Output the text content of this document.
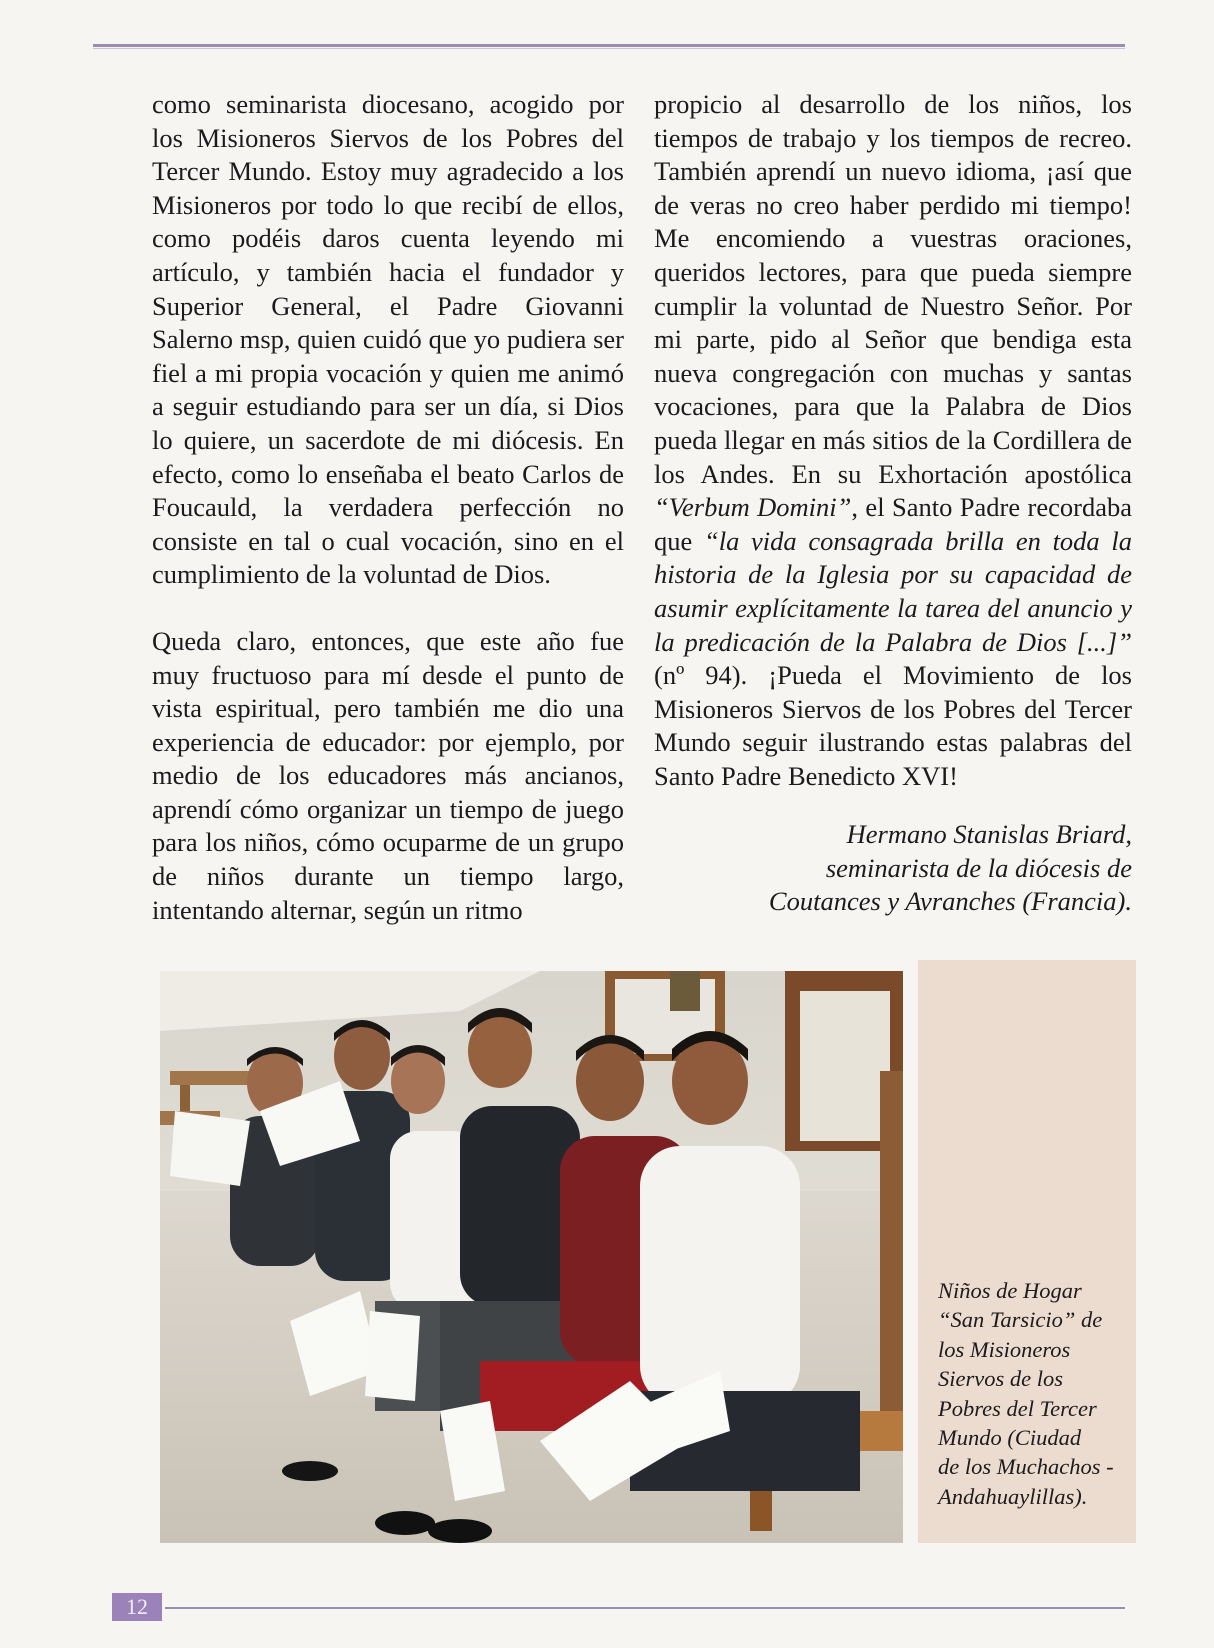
como seminarista diocesano, acogido por los Misioneros Siervos de los Pobres del Tercer Mundo. Estoy muy agradecido a los Misioneros por todo lo que recibí de ellos, como podéis daros cuenta leyendo mi artículo, y también hacia el fundador y Superior General, el Padre Giovanni Salerno msp, quien cuidó que yo pudiera ser fiel a mi propia vocación y quien me animó a seguir estudiando para ser un día, si Dios lo quiere, un sacerdote de mi diócesis. En efecto, como lo enseñaba el beato Carlos de Foucauld, la verdadera perfección no consiste en tal o cual vocación, sino en el cumplimiento de la voluntad de Dios.

Queda claro, entonces, que este año fue muy fructuoso para mí desde el punto de vista espiritual, pero también me dio una experiencia de educador: por ejemplo, por medio de los educadores más ancianos, aprendí cómo organizar un tiempo de juego para los niños, cómo ocuparme de un grupo de niños durante un tiempo largo, intentando alternar, según un ritmo

propicio al desarrollo de los niños, los tiempos de trabajo y los tiempos de recreo. También aprendí un nuevo idioma, ¡así que de veras no creo haber perdido mi tiempo! Me encomiendo a vuestras oraciones, queridos lectores, para que pueda siempre cumplir la voluntad de Nuestro Señor. Por mi parte, pido al Señor que bendiga esta nueva congregación con muchas y santas vocaciones, para que la Palabra de Dios pueda llegar en más sitios de la Cordillera de los Andes. En su Exhortación apostólica “Verbum Domini”, el Santo Padre recordaba que “la vida consagrada brilla en toda la historia de la Iglesia por su capacidad de asumir explícitamente la tarea del anuncio y la predicación de la Palabra de Dios [...]” (nº 94). ¡Pueda el Movimiento de los Misioneros Siervos de los Pobres del Tercer Mundo seguir ilustrando estas palabras del Santo Padre Benedicto XVI!

Hermano Stanislas Briard,
seminarista de la diócesis de
Coutances y Avranches (Francia).
Niños de Hogar
“San Tarsicio” de
los Misioneros
Siervos de los
Pobres del Tercer
Mundo (Ciudad
de los Muchachos -
Andahuaylillas).
12
